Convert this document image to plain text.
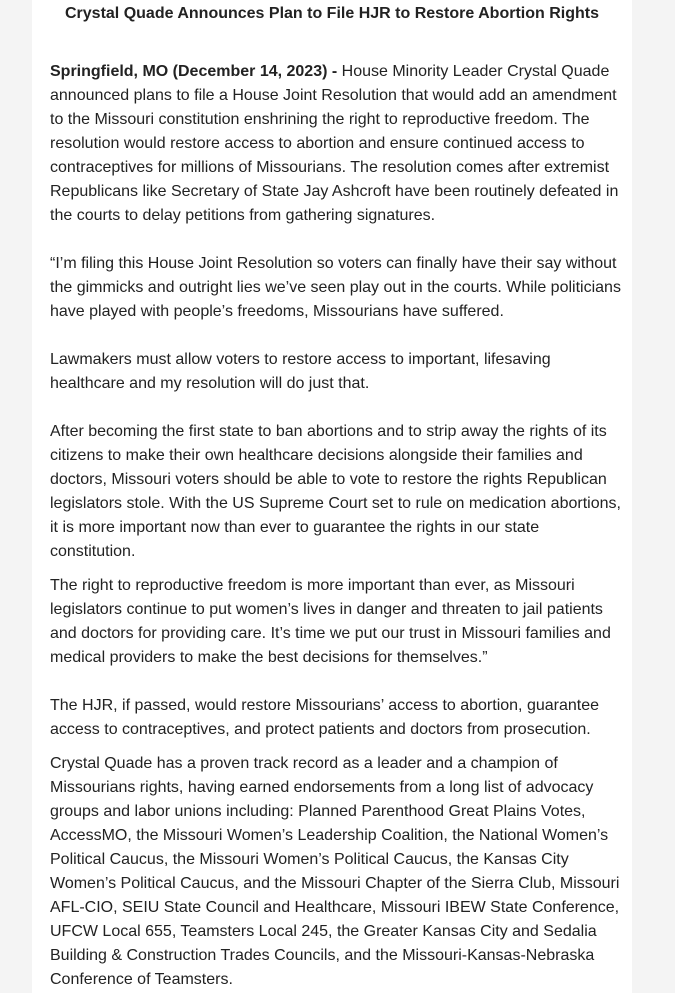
Crystal Quade Announces Plan to File HJR to Restore Abortion Rights

Springfield, MO (December 14, 2023) - House Minority Leader Crystal Quade announced plans to file a House Joint Resolution that would add an amendment to the Missouri constitution enshrining the right to reproductive freedom. The resolution would restore access to abortion and ensure continued access to contraceptives for millions of Missourians. The resolution comes after extremist Republicans like Secretary of State Jay Ashcroft have been routinely defeated in the courts to delay petitions from gathering signatures.

“I’m filing this House Joint Resolution so voters can finally have their say without the gimmicks and outright lies we’ve seen play out in the courts. While politicians have played with people’s freedoms, Missourians have suffered.

Lawmakers must allow voters to restore access to important, lifesaving healthcare and my resolution will do just that.

After becoming the first state to ban abortions and to strip away the rights of its citizens to make their own healthcare decisions alongside their families and doctors, Missouri voters should be able to vote to restore the rights Republican legislators stole. With the US Supreme Court set to rule on medication abortions, it is more important now than ever to guarantee the rights in our state constitution.

The right to reproductive freedom is more important than ever, as Missouri legislators continue to put women’s lives in danger and threaten to jail patients and doctors for providing care. It’s time we put our trust in Missouri families and medical providers to make the best decisions for themselves.”

The HJR, if passed, would restore Missourians’ access to abortion, guarantee access to contraceptives, and protect patients and doctors from prosecution.

Crystal Quade has a proven track record as a leader and a champion of Missourians rights, having earned endorsements from a long list of advocacy groups and labor unions including: Planned Parenthood Great Plains Votes, AccessMO, the Missouri Women’s Leadership Coalition, the National Women’s Political Caucus, the Missouri Women’s Political Caucus, the Kansas City Women’s Political Caucus, and the Missouri Chapter of the Sierra Club, Missouri AFL-CIO, SEIU State Council and Healthcare, Missouri IBEW State Conference, UFCW Local 655, Teamsters Local 245, the Greater Kansas City and Sedalia Building & Construction Trades Councils, and the Missouri-Kansas-Nebraska Conference of Teamsters.
